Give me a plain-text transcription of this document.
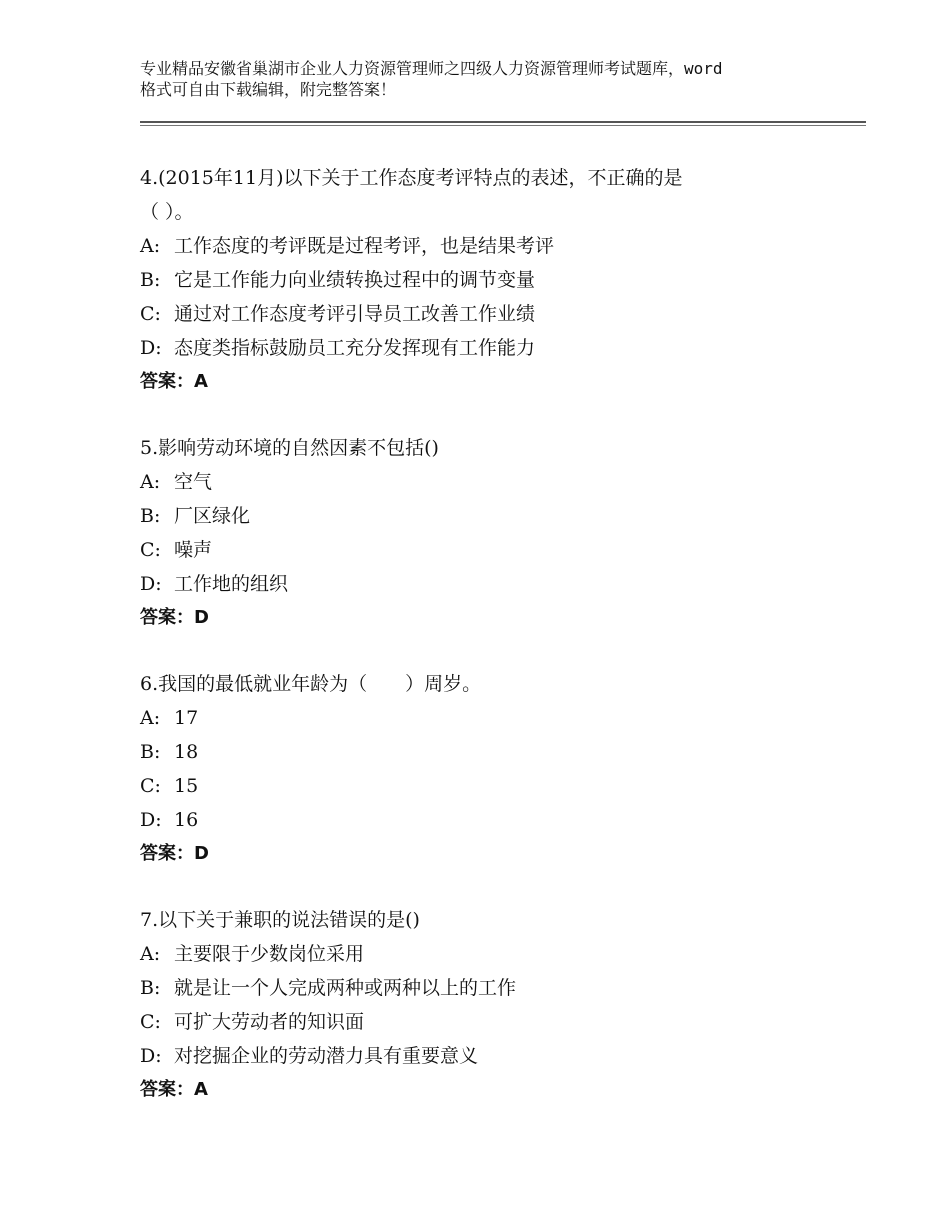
专业精品安徽省巢湖市企业人力资源管理师之四级人力资源管理师考试题库，word
格式可自由下载编辑，附完整答案！
4.(2015年11月)以下关于工作态度考评特点的表述，不正确的是
（ ）。
A: 工作态度的考评既是过程考评，也是结果考评
B: 它是工作能力向业绩转换过程中的调节变量
C: 通过对工作态度考评引导员工改善工作业绩
D: 态度类指标鼓励员工充分发挥现有工作能力
答案：A
5.影响劳动环境的自然因素不包括()
A: 空气
B: 厂区绿化
C: 噪声
D: 工作地的组织
答案：D
6.我国的最低就业年龄为（　　）周岁。
A: 17
B: 18
C: 15
D: 16
答案：D
7.以下关于兼职的说法错误的是()
A: 主要限于少数岗位采用
B: 就是让一个人完成两种或两种以上的工作
C: 可扩大劳动者的知识面
D: 对挖掘企业的劳动潜力具有重要意义
答案：A
